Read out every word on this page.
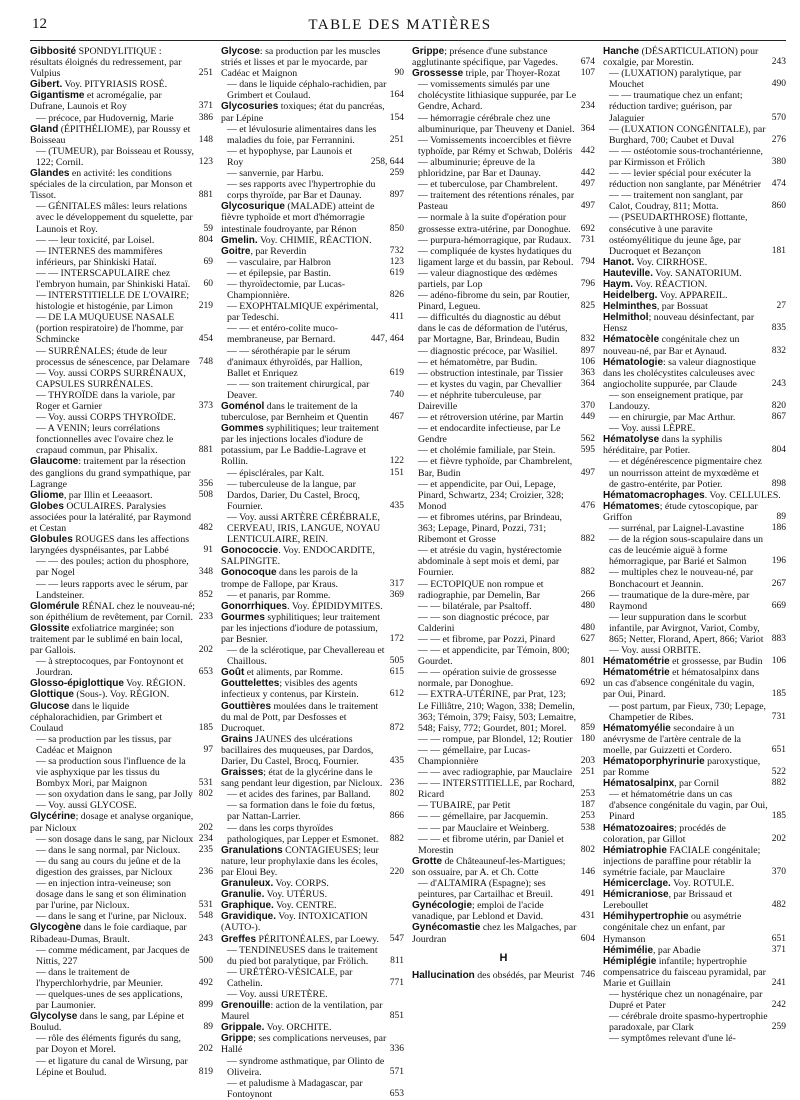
12	TABLE DES MATIÈRES
Gibbosité SPONDYLITIQUE : résultats éloignés du redressement, par Vulpius	251
Gibert. Voy. PITYRIASIS ROSÉ.
Gigantisme et acromégalie, par Dufrane, Launois et Roy	371
— précoce, par Hudovernig, Marie	386
Gland (ÉPITHÉLIOME), par Roussy et Boisseau	148
— (TUMEUR), par Boisseau et Roussy, 122; Cornil.	123
Glandes en activité: les conditions spéciales de la circulation, par Monson et Tissot.	881
— GÉNITALES mâles: leurs relations avec le développement du squelette, par Launois et Roy.	59
— — leur toxicité, par Loisel.	804
— INTERNES des mammifères inférieurs, par Shinkiski Hataï.	69
— — INTERSCAPULAIRE chez l'embryon humain, par Shinkiski Hataï.	60
— INTERSTITIELLE DE L'OVAIRE; histologie et histogénie, par Limon	219
— DE LA MUQUEUSE NASALE (portion respiratoire) de l'homme, par Schmincke	454
— SURRÉNALES; étude de leur processus de sénescence, par Delamare 748
— Voy. aussi CORPS SURRÉNAUX, CAPSULES SURRÉNALES.
— THYROÏDE dans la variole, par Roger et Garnier	373
— Voy. aussi CORPS THYROÏDE.
— A VENIN; leurs corrélations fonctionnelles avec l'ovaire chez le crapaud commun, par Phisalix.	881
Glaucome: traitement par la résection des ganglions du grand sympathique, par Lagrange	356
Gliome, par Illin et Leeaasort.	508
Globes OCULAIRES. Paralysies associées pour la latéralité, par Raymond et Cestan	482
Globules ROUGES dans les affections laryngées dyspnéisantes, par Labbé	91
— — des poules; action du phosphore, par Nogel	348
— — leurs rapports avec le sérum, par Landsteiner.	852
Glomérule RÉNAL chez le nouveau-né; son épithélium de revêtement, par Cornil. 233
Glossite exfoliatrice marginée; son traitement par le sublimé en bain local, par Gallois.	202
— à streptocoques, par Fontoynont et Jourdran.	653
Glosso-épiglottique Voy. RÉGION.
Glottique (Sous-). Voy. RÉGION.
Glucose dans le liquide céphalorachidien, par Grimbert et Coulaud	185
— sa production par les tissus, par Cadéac et Maignon	97
— sa production sous l'influence de la vie asphyxique par les tissus du Bombyx Mori, par Maignon	531
— son oxydation dans le sang, par Jolly 802
— Voy. aussi GLYCOSE.
Glycérine; dosage et analyse organique, par Nicloux	202
— son dosage dans le sang, par Nicloux 234
— dans le sang normal, par Nicloux.	235
— du sang au cours du jeûne et de la digestion des graisses, par Nicloux	236
— en injection intra-veineuse; son dosage dans le sang et son élimination par l'urine, par Nicloux.	531
— dans le sang et l'urine, par Nicloux.	548
Glycogène dans le foie cardiaque, par Ribadeau-Dumas, Brault.	243
— comme médicament, par Jacques de Nittis, 227	500
— dans le traitement de l'hyperchlorhydrie, par Meunier.	492
— quelques-unes de ses applications, par Laumonier.	899
Glycolyse dans le sang, par Lépine et Boulud.	89
— rôle des éléments figurés du sang, par Doyon et Morel.	202
— et ligature du canal de Wirsung, par Lépine et Boulud.	819
Glycose: sa production par les muscles striés et lisses et par le myocarde, par Cadéac et Maignon	90
— dans le liquide céphalo-rachidien, par Grimbert et Coulaud.	164
Glycosuries toxiques; état du pancréas, par Lépine	154
— et lévulosurie alimentaires dans les maladies du foie, par Ferrannini.	251
— et hypophyse, par Launois et Roy	258, 644
— sanvernie, par Harbu.	259
— ses rapports avec l'hypertrophie du corps thyroïde, par Bar et Daunay.	897
Glycosurique (MALADE) atteint de fièvre typhoïde et mort d'hémorragie intestinale foudroyante, par Rénon	850
Gmelin. Voy. CHIMIE, RÉACTION.
Goitre, par Reverdin	732
— vasculaire, par Halbron	123
— et épilepsie, par Bastin.	619
— thyroïdectomie, par Lucas-Championnière.	826
— EXOPHTALMIQUE expérimental, par Tedeschi.	411
— — et entéro-colite muco-membraneuse, par Bernard.	447, 464
— — sérothérapie par le sérum d'animaux éthyroïdés, par Hallion, Ballet et Enriquez	619
— — son traitement chirurgical, par Deaver.	740
Goménol dans le traitement de la tuberculose, par Bernheim et Quentin	467
Gommes syphilitiques; leur traitement par les injections locales d'iodure de potassium, par Le Baddie-Lagrave et Rollin.	122
— épisclérales, par Kalt.	151
— tuberculeuse de la langue, par Dardos, Darier, Du Castel, Brocq, Fournier.	435
— Voy. aussi ARTÈRE CÉRÉBRALE, CERVEAU, IRIS, LANGUE, NOYAU LENTICULAIRE, REIN.
Gonococcie. Voy. ENDOCARDITE, SALPINGITE.
Gonocoque dans les parois de la trompe de Fallope, par Kraus.	317
— et panaris, par Romme.	369
Gonorrhiques. Voy. ÉPIDIDYMITES.
Gourmes syphilitiques; leur traitement par les injections d'iodure de potassium, par Besnier.	172
— de la sclérotique, par Chevallereau et Chaillous.	505
Goût et aliments, par Romme.	615
Gouttelettes; visibles des agents infectieux y contenus, par Kirstein.	612
Gouttières moulées dans le traitement du mal de Pott, par Desfosses et Ducroquet.	872
Grains JAUNES des ulcérations bacillaires des muqueuses, par Dardos, Darier, Du Castel, Brocq, Fournier.	435
Graisses; état de la glycérine dans le sang pendant leur digestion, par Nicloux. 236
— et acides des farines, par Balland.	802
— sa formation dans le foie du fœtus, par Nattan-Larrier.	866
— dans les corps thyroïdes pathologiques, par Lepper et Esmonet.	882
Granulations CONTAGIEUSES; leur nature, leur prophylaxie dans les écoles, par Eloui Bey.	220
Granuleux. Voy. CORPS.
Granulie. Voy. UTÉRUS.
Graphique. Voy. CENTRE.
Gravidique. Voy. INTOXICATION (AUTO-).
Greffes PÉRITONÉALES, par Loewy.	547
— TENDINEUSES dans le traitement du pied bot paralytique, par Frölich.	811
— URÉTÉRO-VÉSICALE, par Cathelin.	771
— Voy. aussi URETÈRE.
Grenouille: action de la ventilation, par Maurel	851
Grippale. Voy. ORCHITE.
Grippe; ses complications nerveuses, par Hallé	336
— syndrome asthmatique, par Olinto de Oliveira.	571
— et paludisme à Madagascar, par Fontoynont	653
Grippe; présence d'une substance agglutinante spécifique, par Vagedes.	674
Grossesse triple, par Thoyer-Rozat	107
— vomissements simulés par une cholécystite lithiasique suppurée, par Le Gendre, Achard.	234
— hémorragie cérébrale chez une albuminurique, par Theuveny et Daniel. 364
— Vomissements incoercibles et fièvre typhoïde, par Rémy et Schwab, Doléris 442
— albuminurie; épreuve de la phloridzine, par Bar et Daunay.	442
— et tuberculose, par Chambrelent.	497
— traitement des rétentions rénales, par Pasteau	497
— normale à la suite d'opération pour grossesse extra-utérine, par Donoghue.	692
— purpura-hémorragique, par Rudaux.	731
— compliquée de kystes hydatiques du ligament large et du bassin, par Reboul. 794
— valeur diagnostique des œdèmes partiels, par Lop	796
— adéno-fibrome du sein, par Routier, Pinard, Legueu.	825
— difficultés du diagnostic au début dans le cas de déformation de l'utérus, par Mortagne, Bar, Brindeau, Budin	832
— diagnostic précoce, par Wasiliel.	897
— et hématomètre, par Budin.	106
— obstruction intestinale, par Tissier	363
— et kystes du vagin, par Chevallier	364
— et néphrite tuberculeuse, par Daireville	370
— et rétroversion utérine, par Martin	449
— et endocardite infectieuse, par Le Gendre	562
— et cholémie familiale, par Stein.	595
— et fièvre typhoïde, par Chambrelent, Bar, Budin	497
— et appendicite, par Oui, Lepage, Pinard, Schwartz, 234; Croizier, 328; Monod	476
— et fibromes utérins, par Brindeau, 363; Lepage, Pinard, Pozzi, 731; Ribemont et Grosse	882
— et atrésie du vagin, hystérectomie abdominale à sept mois et demi, par Fournier.	882
— ECTOPIQUE non rompue et radiographie, par Demelin, Bar	266
— — bilatérale, par Psaltoff.	480
— — son diagnostic précoce, par Calderini	480
— — et fibrome, par Pozzi, Pinard	627
— — et appendicite, par Témoin, 800; Gourdet.	801
— — opération suivie de grossesse normale, par Donoghue.	692
— EXTRA-UTÉRINE, par Prat, 123; Le Filliâtre, 210; Wagon, 338; Demelin, 363; Témoin, 379; Faisy, 503; Lemaitre, 548; Faisy, 772; Gourdet, 801; Morel.	859
— — rompue, par Blondel, 12; Routier 180
— — gémellaire, par Lucas-Championnière	203
— — avec radiographie, par Mauclaire 251
— — INTERSTITIELLE, par Rochard, Ricard	253
— TUBAIRE, par Petit	187
— — gémellaire, par Jacquemin.	253
— — par Mauclaire et Weinberg.	538
— — et fibrome utérin, par Daniel et Morestin	802
Grotte de Châteauneuf-les-Martigues; son ossuaire, par A. et Ch. Cotte	146
— d'ALTAMIRA (Espagne); ses peintures, par Cartailhac et Breuil.	491
Gynécologie; emploi de l'acide vanadique, par Leblond et David.	431
Gynécomastie chez les Malgaches, par Jourdran	604
H
Hallucination des obsédés, par Meurist 746
Hanche (DÉSARTICULATION) pour coxalgie, par Morestin.	243
— (LUXATION) paralytique, par Mouchet	490
— — traumatique chez un enfant; réduction tardive; guérison, par Jalaguier	570
— (LUXATION CONGÉNITALE), par Burghard, 700; Caubet et Duval	276
— — ostéotomie sous-trochantérienne, par Kirmisson et Frölich	380
— — levier spécial pour exécuter la réduction non sanglante, par Ménétrier	474
— — traitement non sanglant, par Calot, Coudray, 811; Motta.	860
— (PSEUDARTHROSE) flottante, consécutive à une paravite ostéomyélitique du jeune âge, par Ducroquet et Bezançon	181
Hanot. Voy. CIRRHOSE.
Hauteville. Voy. SANATORIUM.
Haym. Voy. RÉACTION.
Heidelberg. Voy. APPAREIL.
Helminthes, par Bossuat	27
Helmithol; nouveau désinfectant, par Hensz	835
Hématocèle congénitale chez un nouveau-né, par Bar et Aynaud.	832
Hématologie: sa valeur diagnostique dans les cholécystites calculeuses avec angiocholite suppurée, par Claude	243
— son enseignement pratique, par Landouzy.	820
— en chirurgie, par Mac Arthur.	867
— Voy. aussi LÈPRE.
Hématolyse dans la syphilis héréditaire, par Potier.	804
— et dégénérescence pigmentaire chez un nourrisson atteint de myxœdème et de gastro-entérite, par Potier.	898
Hématomacrophages. Voy. CELLULES.
Hématomes; étude cytoscopique, par Griffon	89
— surrénal, par Laignel-Lavastine	186
— de la région sous-scapulaire dans un cas de leucémie aiguë à forme hémorragique, par Barié et Salmon	196
— multiples chez le nouveau-né, par Bonchacourt et Jeannin.	267
— traumatique de la dure-mère, par Raymond	669
— leur suppuration dans le scorbut infantile, par Avirgnot, Variot, Comby, 865; Netter, Florand, Apert, 866; Variot 883
— Voy. aussi ORBITE.
Hématométrie et grossesse, par Budin 106
Hématométrie et hématosalpinx dans un cas d'absence congénitale du vagin, par Oui, Pinard.	185
— post partum, par Fieux, 730; Lepage, Champetier de Ribes.	731
Hématomyélie secondaire à un anévrysme de l'artère centrale de la moelle, par Guizzetti et Cordero.	651
Hématoporphyrinurie paroxystique, par Romme	522
Hématosalpinx, par Cornil	882
— et hématométrie dans un cas d'absence congénitale du vagin, par Oui, Pinard	185
Hématozoaires; procédés de coloration, par Gillot	202
Hémiatrophie FACIALE congénitale; injections de paraffine pour rétablir la symétrie faciale, par Mauclaire	370
Hémicerclage. Voy. ROTULE.
Hémicraniose, par Brissaud et Lereboullet	482
Hémihypertrophie ou asymétrie congénitale chez un enfant, par Hymanson	651
Hémimélie, par Abadie	371
Hémiplégie infantile; hypertrophie compensatrice du faisceau pyramidal, par Marie et Guillain	241
— hystérique chez un nonagénaire, par Dupré et Pater	242
— cérébrale droite spasmo-hypertrophie paradoxale, par Clark	259
— symptômes relevant d'une lé-
